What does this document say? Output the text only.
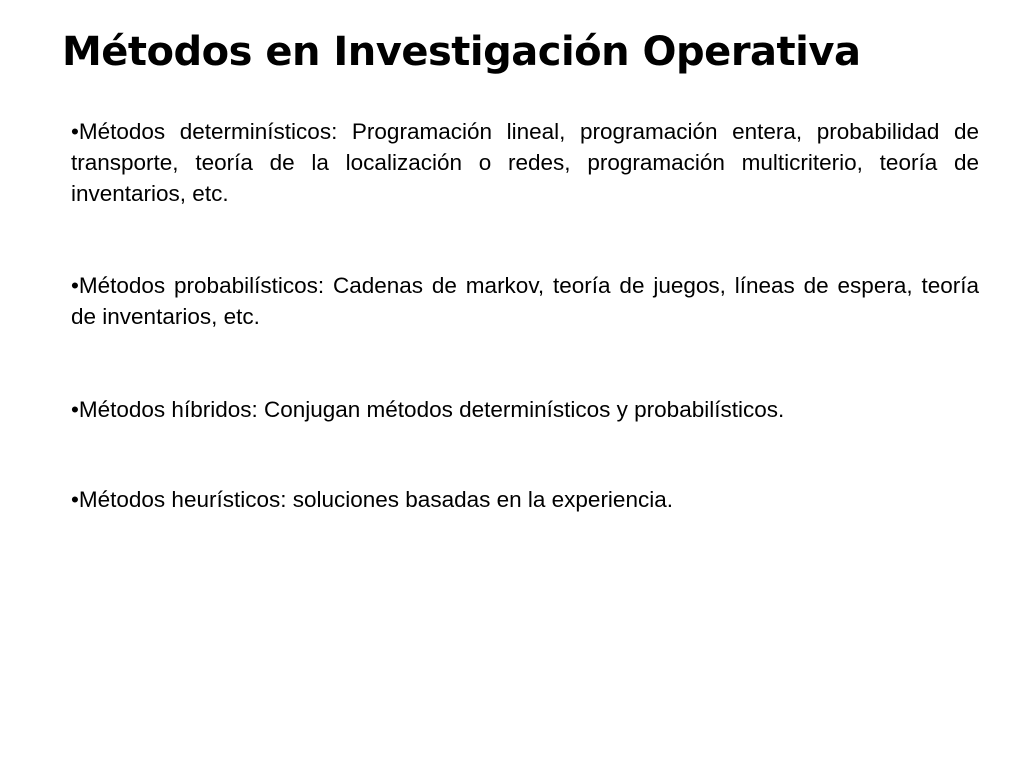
Métodos en Investigación Operativa

•Métodos determinísticos: Programación lineal, programación entera, probabilidad de transporte, teoría de la localización o redes, programación multicriterio, teoría de inventarios, etc.

•Métodos probabilísticos: Cadenas de markov, teoría de juegos, líneas de espera, teoría de inventarios, etc.

•Métodos híbridos: Conjugan métodos determinísticos y probabilísticos.

•Métodos heurísticos: soluciones basadas en la experiencia.
